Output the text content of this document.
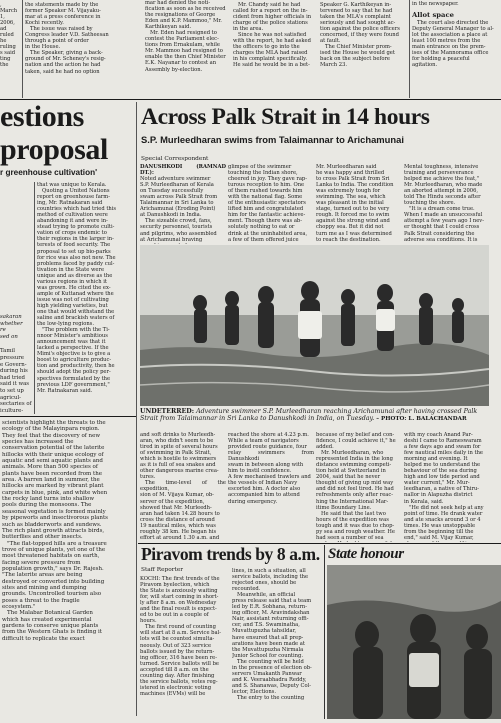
, March
1, 2006,
ad ruled
he ruling
s said
ting the
the statements made by the
former Speaker M. Vijayaku-
mar at a press conference in
Kochi recently.
The issue was raised by
Congress leader V.D. Satheesan
through a point of order
in the House.
The Speaker, giving a back-
ground of Mr. Scheney's resig-
nation and the action he had
taken, said he had no option
mar had denied the noti-
fication as soon as he received
the resignations of George
Eden and K.P. Mammoo," Mr.
Karthikeyan said.
Mr. Eden had resigned to
contest the Parliament elec-
tions from Ernakulam, while
Mr. Mammoo had resigned to
enable the then Chief Minister
E.K. Nayanar to contest an
Assembly by-election.
Mr. Chandy said he had
called for a report on the in-
cident from higher officials in
charge of the police stations
in the area.
Since he was not satisfied
with the report, he had asked
the officers to go into the
charges the MLA had raised
in his complaint specifically.
He said he would be in a bet-
Speaker G. Karthikeyan in-
tervened to say that he had
taken the MLA's complaint
seriously and had sought ac-
tion against the police officers
concerned, if they were found
at fault.
The Chief Minister prom-
ised the House he would get
back on the subject before
March 23.
in the newspaper.
Allot space
The court also directed the
Deputy General Manager to al-
lot the association a place at
least 100 metres from the
main entrance on the prem-
ises of the Mannorama office
for holding a peaceful
agitation.
estions
proposal
r greenhouse cultivation'
sakaran
whether
re
sed on
Tamil
pressure
e Govern-
during his
had tried
said it was
to set up
agricul-
sectaries of
iculture-
that was unique to Kerala.
Quoting a United Nations
report on greenhouse farm-
ing, Mr. Ratnakaran said
countries which had tried this
method of cultivation were
abandoning it and were in-
stead trying to promote culti-
vation of crops endemic to
their regions in the larger in-
terests of food security. The
proposal to set up bio-parks
for rice was also not new. The
problems faced by paddy cul-
tivation in the State were
unique and as diverse as the
various regions in which it
was grown. He cited the ex-
ample of Kuttanad where the
issue was not of cultivating
high yielding varieties, but
one that would withstand the
saline and brackish waters of
the low-lying regions.
"The problem with the Ti-
nnoor Minister's ambitious
announcement was that it
lacked a perspective. If the
Mimi's objective is to give a
boost to agriculture produc-
tion and productivity, then he
should adopt the policy per-
spectives formulated by the
previous LDF government,"
Mr. Ratnakaran said.
scientists highlight the threats to the
ecology of the Malayinpara region.
They feel that the discovery of new
species has increased the
conservation potential of the laterite
hillocks with their unique ecology of
aquatic and semi aquatic plants and
animals. More than 500 species of
plants have been recorded from the
area. A barren land in summer, the
hillocks are marked by vibrant plant
carpets in blue, pink, and white when
the rocky land turns into shallow
pools during the monsoons. The
seasonal vegetation is formed mainly
by pipeworts and insectivorous plants
such as bladderworts and sundews.
The rich plant growth attracts birds,
butterflies and other insects.
"The flat-topped hills are a treasure
trove of unique plants, yet one of the
most threatened habitats on earth,
facing severe pressure from
population growth," says Dr. Rajesh.
"The laterite areas are being
destroyed or converted into building
sites and mining and dumping
grounds. Uncontrolled tourism also
poses a threat to the fragile
ecosystem."
The Malabar Botanical Garden
which has created experimental
gardens to conserve unique plants
from the Western Ghats is finding it
difficult to replicate the exact
Across Palk Strait in 14 hours
S.P. Murleedharan swims from Talaimannar to Arichamunai
Special Correspondent
DANUSHKODI (RAMNAD DT.):
Noted adventure swimmer
S.P. Murleedharan of Kerala
on Tuesday successfully
swam across Palk Strait from
Talaimannar in Sri Lanka to
Arichamunai (Eroding Point)
at Danushkodi in India.
The sizeable crowd, fans,
security personnel, tourists
and pilgrims, who assembled
at Arichamunai braving
glimpse of the swimmer
touching the Indian shore,
cheered in joy. They gave rap-
turous reception to him. One
of them rushed towards him
with the national flag. Some
of the enthusiastic spectators
lifted him and congratulated
him for the fantastic achieve-
ment. Though there was ab-
solutely nothing to eat or
drink at the uninhabited area,
a few of them offered juice
Mr. Murleedharan said
he was happy and thrilled
to cross Palk Strait from Sri
Lanka to India. The condition
was extremely tough for
swimming. The sea, which
was pleasant in the initial
stage, turned out to be very
rough. It forced me to swim
against the strong wind and
choppy sea. But it did not
turn me as I was determined
to reach the destination.
Mental toughness, intensive
training and perseverance
helped me achieve the feat,"
Mr. Murleedharan, who made
an aborted attempt in 2006,
told The Hindu seconds after
touching the shore.
"It is a dream come true.
When I made an unsuccessful
attempt a few years ago I nev-
er thought that I could cross
Palk Strait considering the
adverse sea conditions. It is
UNDETERRED: Adventure swimmer S.P. Murleedharan reaching Arichamunai after having crossed Palk Strait from Talaimannar in Sri Lanka to Danushkodi in India, on Tuesday. – PHOTO: L. BALACHANDAR
and soft drinks to Murleedh-
aran, who didn't seem to be
tired in spite of several hours
of swimming in Palk Strait,
which is hostile to swimmers
as it is full of sea snakes and
other dangerous marine crea-
tures.
The time-level of the expedition,
sion of M. Vijaya Kumar, ob-
server of the expedition,
showed that Mr. Murleedh-
aran had taken 14.28 hours to
cross the distance of around
19 nautical miles, which was
roughly 38 km. He began his
effort at around 1.30 a.m. and
reached the shore at 4.23 p.m.
While a team of navigators
provided route guidance, four
relay swimmers from Danushkodi
swam in between along with
him to instil confidence.
A few mechanised trawlers and
the vessels of Indian Navy
escorted him. A doctor also
accompanied him to attend
during emergency.
because of my belief and con-
fidence, I could achieve it," he
added.
Mr. Murleedharan, who
represented India in the long
distance swimming competi-
tion held at Switzerland in
2004, said that he never
thought of giving up mid way
and did not feel tired. He had
refreshments only after reac-
hing the International Mar-
itime Boundary Line.
He said that the last two
hours of the expedition was
tough and it was due to chop-
py sea and rough weather. He
had seen a number of sea
with my coach Anand Par-
deshi I came to Rameswaram
a few days ago and swam for
few nautical miles daily in the
morning and evening. It
helped me to understand the
behaviour of the sea during
high and low tide period and
water current," Mr. Mur-
leedharan, a native of Thiru-
nallor in Alapuzha district
in Kerala, said.
"He did not seek help at any
point of time. He drank water
and ate snacks around 3 or 4
times. He was unstoppable
from the beginning till the
end," said M. Vijay Kumar,
Piravom trends by 8 a.m.
Staff Reporter
KOCHI: The first trends of the
Piravom byelection, which
the State is anxiously waiting
for, will start coming in short-
ly after 8 a.m. on Wednesday
and the final result is expect-
ed to be out in a couple of
hours.
The first round of counting
will start at 8 a.m. Service bal-
lots will be counted simulta-
neously. Out of 323 service
ballots issued by the return-
ing officer, 316 have been re-
turned. Service ballots will be
accepted till 8 a.m. on the
counting day. After finishing
the service ballots, votes reg-
istered in electronic voting
machines (EVMs) will be
lines, in such a situation, all
service ballots, including the
rejected ones, should be
recounted.
Meanwhile, an official
press release said that a team
led by E.R. Sobhana, return-
ing officer, M. Aravindakshan
Nair, assistant returning offi-
cer, and T.S. Swaminatha,
Muvattupuzha tahsildar,
have ensured that all prep-
arations have been made at
the Muvattupuzha Nirmala
Junior School for counting.
The counting will be held
in the presence of election ob-
servers Umakanth Panwar
and K. Veeraabhadra Reddy,
and S. Shanawas, Deputy Col-
lector, Elections.
The entry to the counting
State honour
